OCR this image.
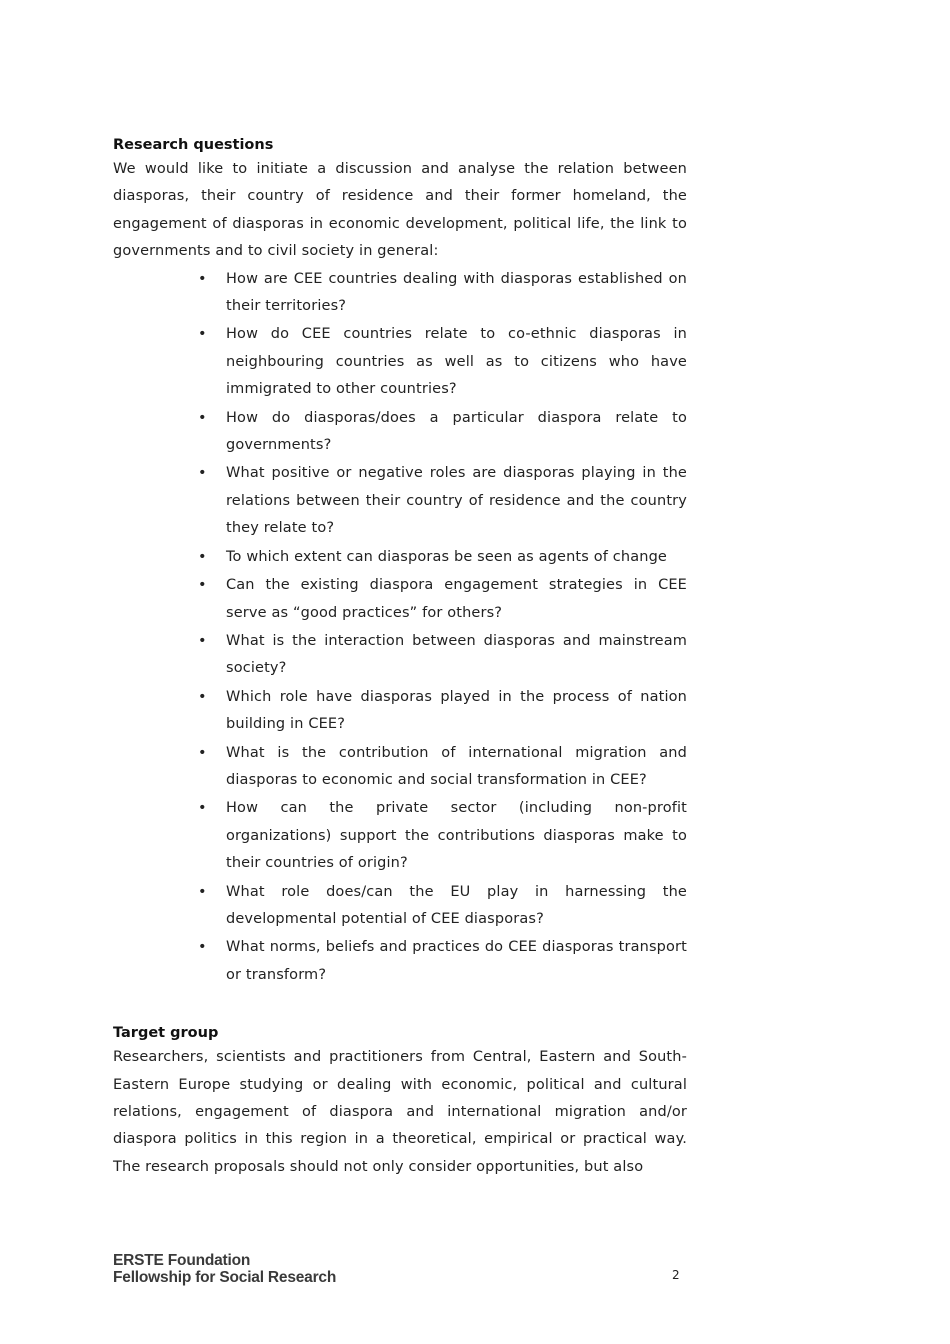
Research questions

We would like to initiate a discussion and analyse the relation between diasporas, their country of residence and their former homeland, the engagement of diasporas in economic development, political life, the link to governments and to civil society in general:

• How are CEE countries dealing with diasporas established on their territories?
• How do CEE countries relate to co-ethnic diasporas in neighbouring countries as well as to citizens who have immigrated to other countries?
• How do diasporas/does a particular diaspora relate to governments?
• What positive or negative roles are diasporas playing in the relations between their country of residence and the country they relate to?
• To which extent can diasporas be seen as agents of change
• Can the existing diaspora engagement strategies in CEE serve as “good practices” for others?
• What is the interaction between diasporas and mainstream society?
• Which role have diasporas played in the process of nation building in CEE?
• What is the contribution of international migration and diasporas to economic and social transformation in CEE?
• How can the private sector (including non-profit organizations) support the contributions diasporas make to their countries of origin?
• What role does/can the EU play in harnessing the developmental potential of CEE diasporas?
• What norms, beliefs and practices do CEE diasporas transport or transform?
Target group

Researchers, scientists and practitioners from Central, Eastern and South-Eastern Europe studying or dealing with economic, political and cultural relations, engagement of diaspora and international migration and/or diaspora politics in this region in a theoretical, empirical or practical way. The research proposals should not only consider opportunities, but also

ERSTE Foundation
Fellowship for Social Research	2
